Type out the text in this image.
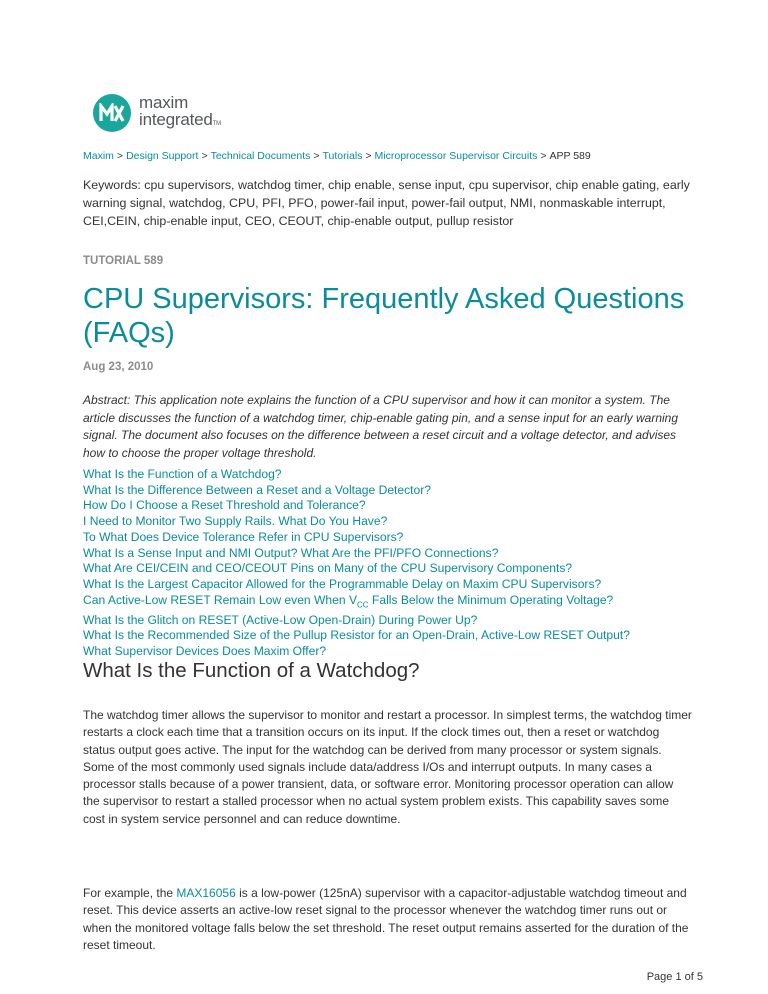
maxim
integratedTM
Maxim > Design Support > Technical Documents > Tutorials > Microprocessor Supervisor Circuits > APP 589
Keywords: cpu supervisors, watchdog timer, chip enable, sense input, cpu supervisor, chip enable gating, early warning signal, watchdog, CPU, PFI, PFO, power-fail input, power-fail output, NMI, nonmaskable interrupt, CEI,CEIN, chip-enable input, CEO, CEOUT, chip-enable output, pullup resistor
TUTORIAL 589
CPU Supervisors: Frequently Asked Questions (FAQs)
Aug 23, 2010
Abstract: This application note explains the function of a CPU supervisor and how it can monitor a system. The article discusses the function of a watchdog timer, chip-enable gating pin, and a sense input for an early warning signal. The document also focuses on the difference between a reset circuit and a voltage detector, and advises how to choose the proper voltage threshold.
What Is the Function of a Watchdog?
What Is the Difference Between a Reset and a Voltage Detector?
How Do I Choose a Reset Threshold and Tolerance?
I Need to Monitor Two Supply Rails. What Do You Have?
To What Does Device Tolerance Refer in CPU Supervisors?
What Is a Sense Input and NMI Output? What Are the PFI/PFO Connections?
What Are CEI/CEIN and CEO/CEOUT Pins on Many of the CPU Supervisory Components?
What Is the Largest Capacitor Allowed for the Programmable Delay on Maxim CPU Supervisors?
Can Active-Low RESET Remain Low even When $V_{CC}$ Falls Below the Minimum Operating Voltage?
What Is the Glitch on RESET (Active-Low Open-Drain) During Power Up?
What Is the Recommended Size of the Pullup Resistor for an Open-Drain, Active-Low RESET Output?
What Supervisor Devices Does Maxim Offer?
What Is the Function of a Watchdog?

The watchdog timer allows the supervisor to monitor and restart a processor. In simplest terms, the watchdog timer restarts a clock each time that a transition occurs on its input. If the clock times out, then a reset or watchdog status output goes active. The input for the watchdog can be derived from many processor or system signals. Some of the most commonly used signals include data/address I/Os and interrupt outputs. In many cases a processor stalls because of a power transient, data, or software error. Monitoring processor operation can allow the supervisor to restart a stalled processor when no actual system problem exists. This capability saves some cost in system service personnel and can reduce downtime.

For example, the MAX16056 is a low-power (125nA) supervisor with a capacitor-adjustable watchdog timeout and reset. This device asserts an active-low reset signal to the processor whenever the watchdog timer runs out or when the monitored voltage falls below the set threshold. The reset output remains asserted for the duration of the reset timeout.

Page 1 of 5
